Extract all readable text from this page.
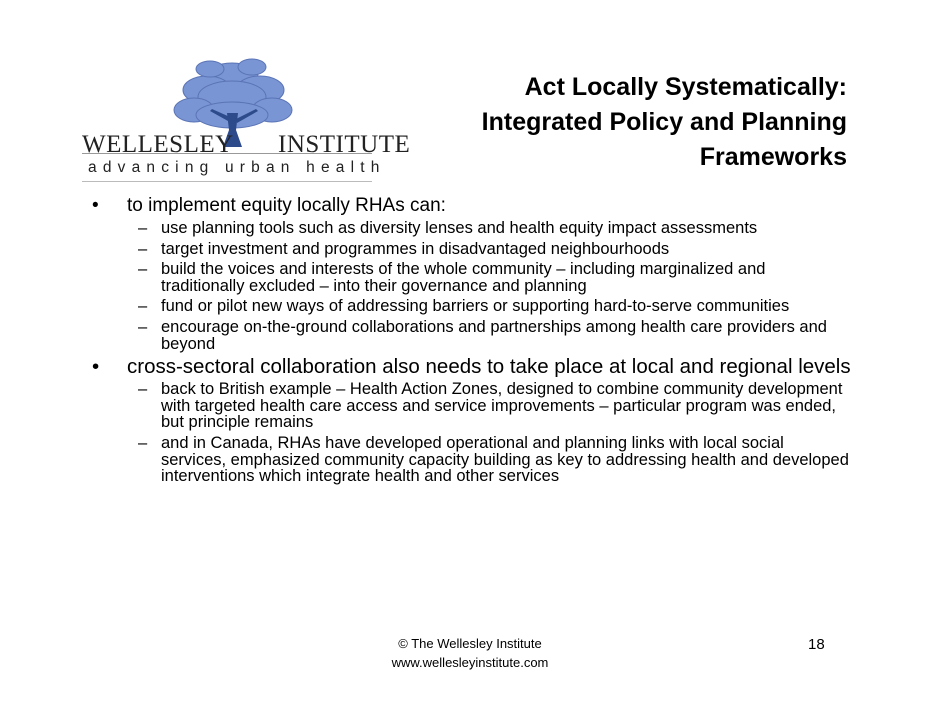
WELLESLEY INSTITUTE
advancing urban health
Act Locally Systematically:
Integrated Policy and Planning
Frameworks
• to implement equity locally RHAs can:
– use planning tools such as diversity lenses and health equity impact assessments
– target investment and programmes in disadvantaged neighbourhoods
– build the voices and interests of the whole community – including marginalized and traditionally excluded – into their governance and planning
– fund or pilot new ways of addressing barriers or supporting hard-to-serve communities
– encourage on-the-ground collaborations and partnerships among health care providers and beyond
• cross-sectoral collaboration also needs to take place at local and regional levels
– back to British example – Health Action Zones, designed to combine community development with targeted health care access and service improvements – particular program was ended, but principle remains
– and in Canada, RHAs have developed operational and planning links with local social services, emphasized community capacity building as key to addressing health and developed interventions which integrate health and other services
© The Wellesley Institute
www.wellesleyinstitute.com
18
